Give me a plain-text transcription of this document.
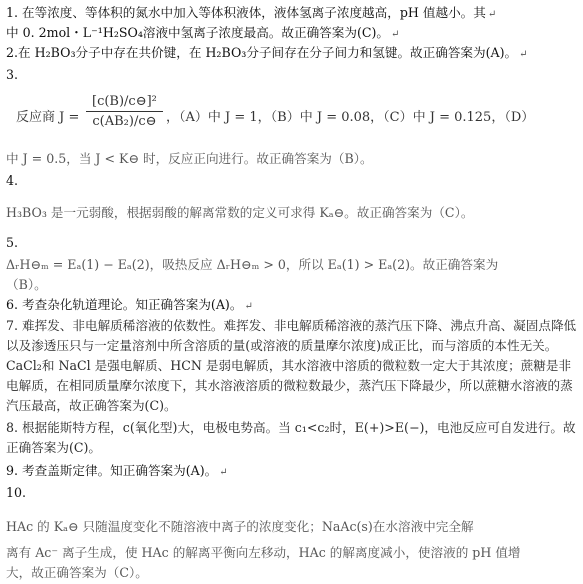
1. 在等浓度、等体积的氮水中加入等体积液体，液体氢离子浓度越高，pH 值越小。其 ↵
中 0. 2mol・L⁻¹H₂SO₄溶液中氢离子浓度最高。故正确答案为(C)。 ↵
2.在 H₂BO₃分子中存在共价键，在 H₂BO₃分子间存在分子间力和氢键。故正确答案为(A)。 ↵
3.
反应商 $J = \frac{\text{[c(B)/c⊖]²}}{\text{c(AB₂)/c⊖}}$ ，（A）中 J = 1，（B）中 J = 0.08，（C）中 J = 0.125，（D）
中 J = 0.5，当 J < K⊖ 时，反应正向进行。故正确答案为（B）。
4.
H₃BO₃ 是一元弱酸，根据弱酸的解离常数的定义可求得 Kₐ⊖。故正确答案为（C）。
5.
ΔᵣH⊖ₘ = Eₐ(1) − Eₐ(2)，吸热反应 ΔᵣH⊖ₘ > 0，所以 Eₐ(1) > Eₐ(2)。故正确答案为
（B）。
6. 考查杂化轨道理论。知正确答案为(A)。 ↵
7. 难挥发、非电解质稀溶液的依数性。难挥发、非电解质稀溶液的蒸汽压下降、沸点升高、凝固点降低以及渗透压只与一定量溶剂中所含溶质的量(或溶液的质量摩尔浓度)成正比，而与溶质的本性无关。CaCl₂和 NaCl 是强电解质、HCN 是弱电解质，其水溶液中溶质的微粒数一定大于其浓度；蔗糖是非电解质，在相同质量摩尔浓度下，其水溶液溶质的微粒数最少，蒸汽压下降最少，所以蔗糖水溶液的蒸汽压最高，故正确答案为(C)。
8. 根据能斯特方程，c(氧化型)大，电极电势高。当 c₁<c₂时，E(+)>E(−)，电池反应可自发进行。故正确答案为(C)。
9. 考查盖斯定律。知正确答案为(A)。 ↵
10.
HAc 的 Kₐ⊖ 只随温度变化不随溶液中离子的浓度变化；NaAc(s)在水溶液中完全解
离有 Ac⁻ 离子生成，使 HAc 的解离平衡向左移动，HAc 的解离度减小，使溶液的 pH 值增
大，故正确答案为（C）。
